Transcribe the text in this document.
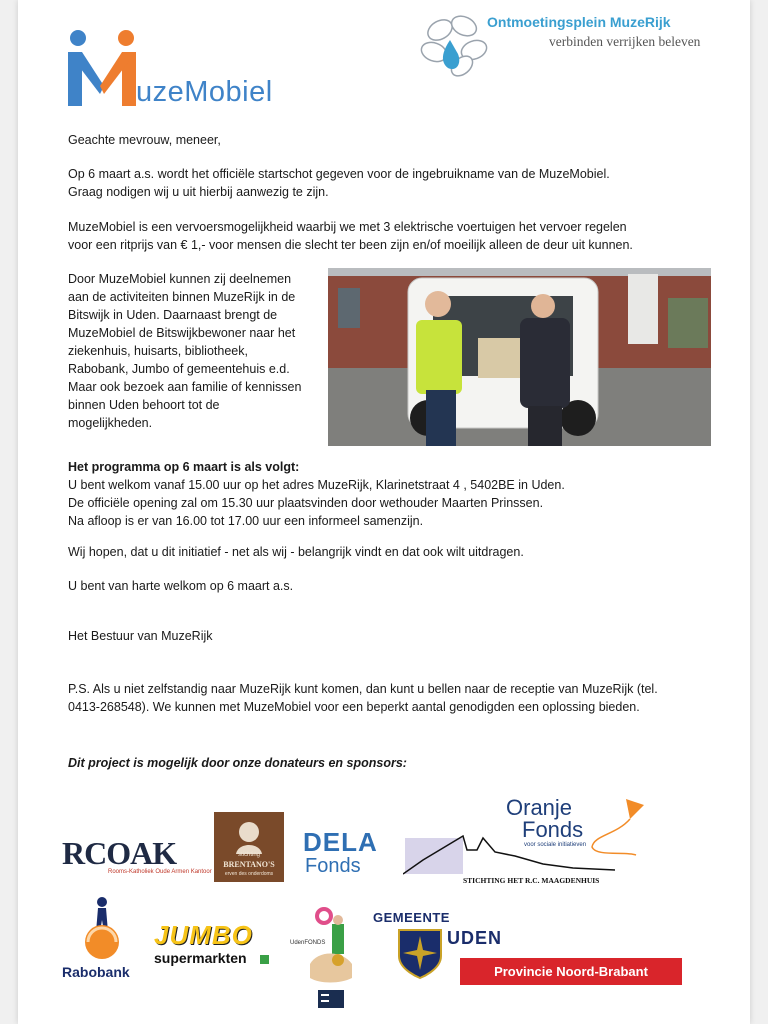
uzeMobiel
Ontmoetingsplein MuzeRijk
verbinden verrijken beleven
Geachte mevrouw, meneer,
Op 6 maart a.s. wordt het officiële startschot gegeven voor de ingebruikname van de MuzeMobiel.
Graag nodigen wij u uit hierbij aanwezig te zijn.
MuzeMobiel is een vervoersmogelijkheid waarbij we met 3 elektrische voertuigen het vervoer regelen
voor een ritprijs van € 1,- voor mensen die slecht ter been zijn en/of moeilijk alleen de deur uit kunnen.
Door MuzeMobiel kunnen zij deelnemen
aan de activiteiten binnen MuzeRijk in de
Bitswijk in Uden. Daarnaast brengt de
MuzeMobiel de Bitswijkbewoner naar het
ziekenhuis, huisarts, bibliotheek,
Rabobank, Jumbo of gemeentehuis e.d.
Maar ook bezoek aan familie of kennissen
binnen Uden behoort tot de
mogelijkheden.
Het programma op 6 maart is als volgt:
U bent welkom vanaf 15.00 uur op het adres MuzeRijk, Klarinetstraat 4 , 5402BE in Uden.
De officiële opening zal om 15.30 uur plaatsvinden door wethouder Maarten Prinssen.
Na afloop is er van 16.00 tot 17.00 uur een informeel samenzijn.
Wij hopen, dat u dit initiatief - net als wij - belangrijk vindt en dat ook wilt uitdragen.
U bent van harte welkom op 6 maart a.s.
Het Bestuur van MuzeRijk
P.S. Als u niet zelfstandig naar MuzeRijk kunt komen, dan kunt u bellen naar de receptie van MuzeRijk (tel.
0413-268548). We kunnen met MuzeMobiel voor een beperkt aantal genodigden een oplossing bieden.
Dit project is mogelijk door onze donateurs en sponsors:
RCOAK
Rooms-Katholiek Oude Armen Kantoor
stichting
BRENTANO'S
erven des onderdoms
DELA
Fonds
STICHTING HET R.C. MAAGDENHUIS
Oranje
Fonds
voor sociale initiatieven
Rabobank
JUMBO
supermarkten
UdenFONDS
GEMEENTE
UDEN
Provincie Noord-Brabant
